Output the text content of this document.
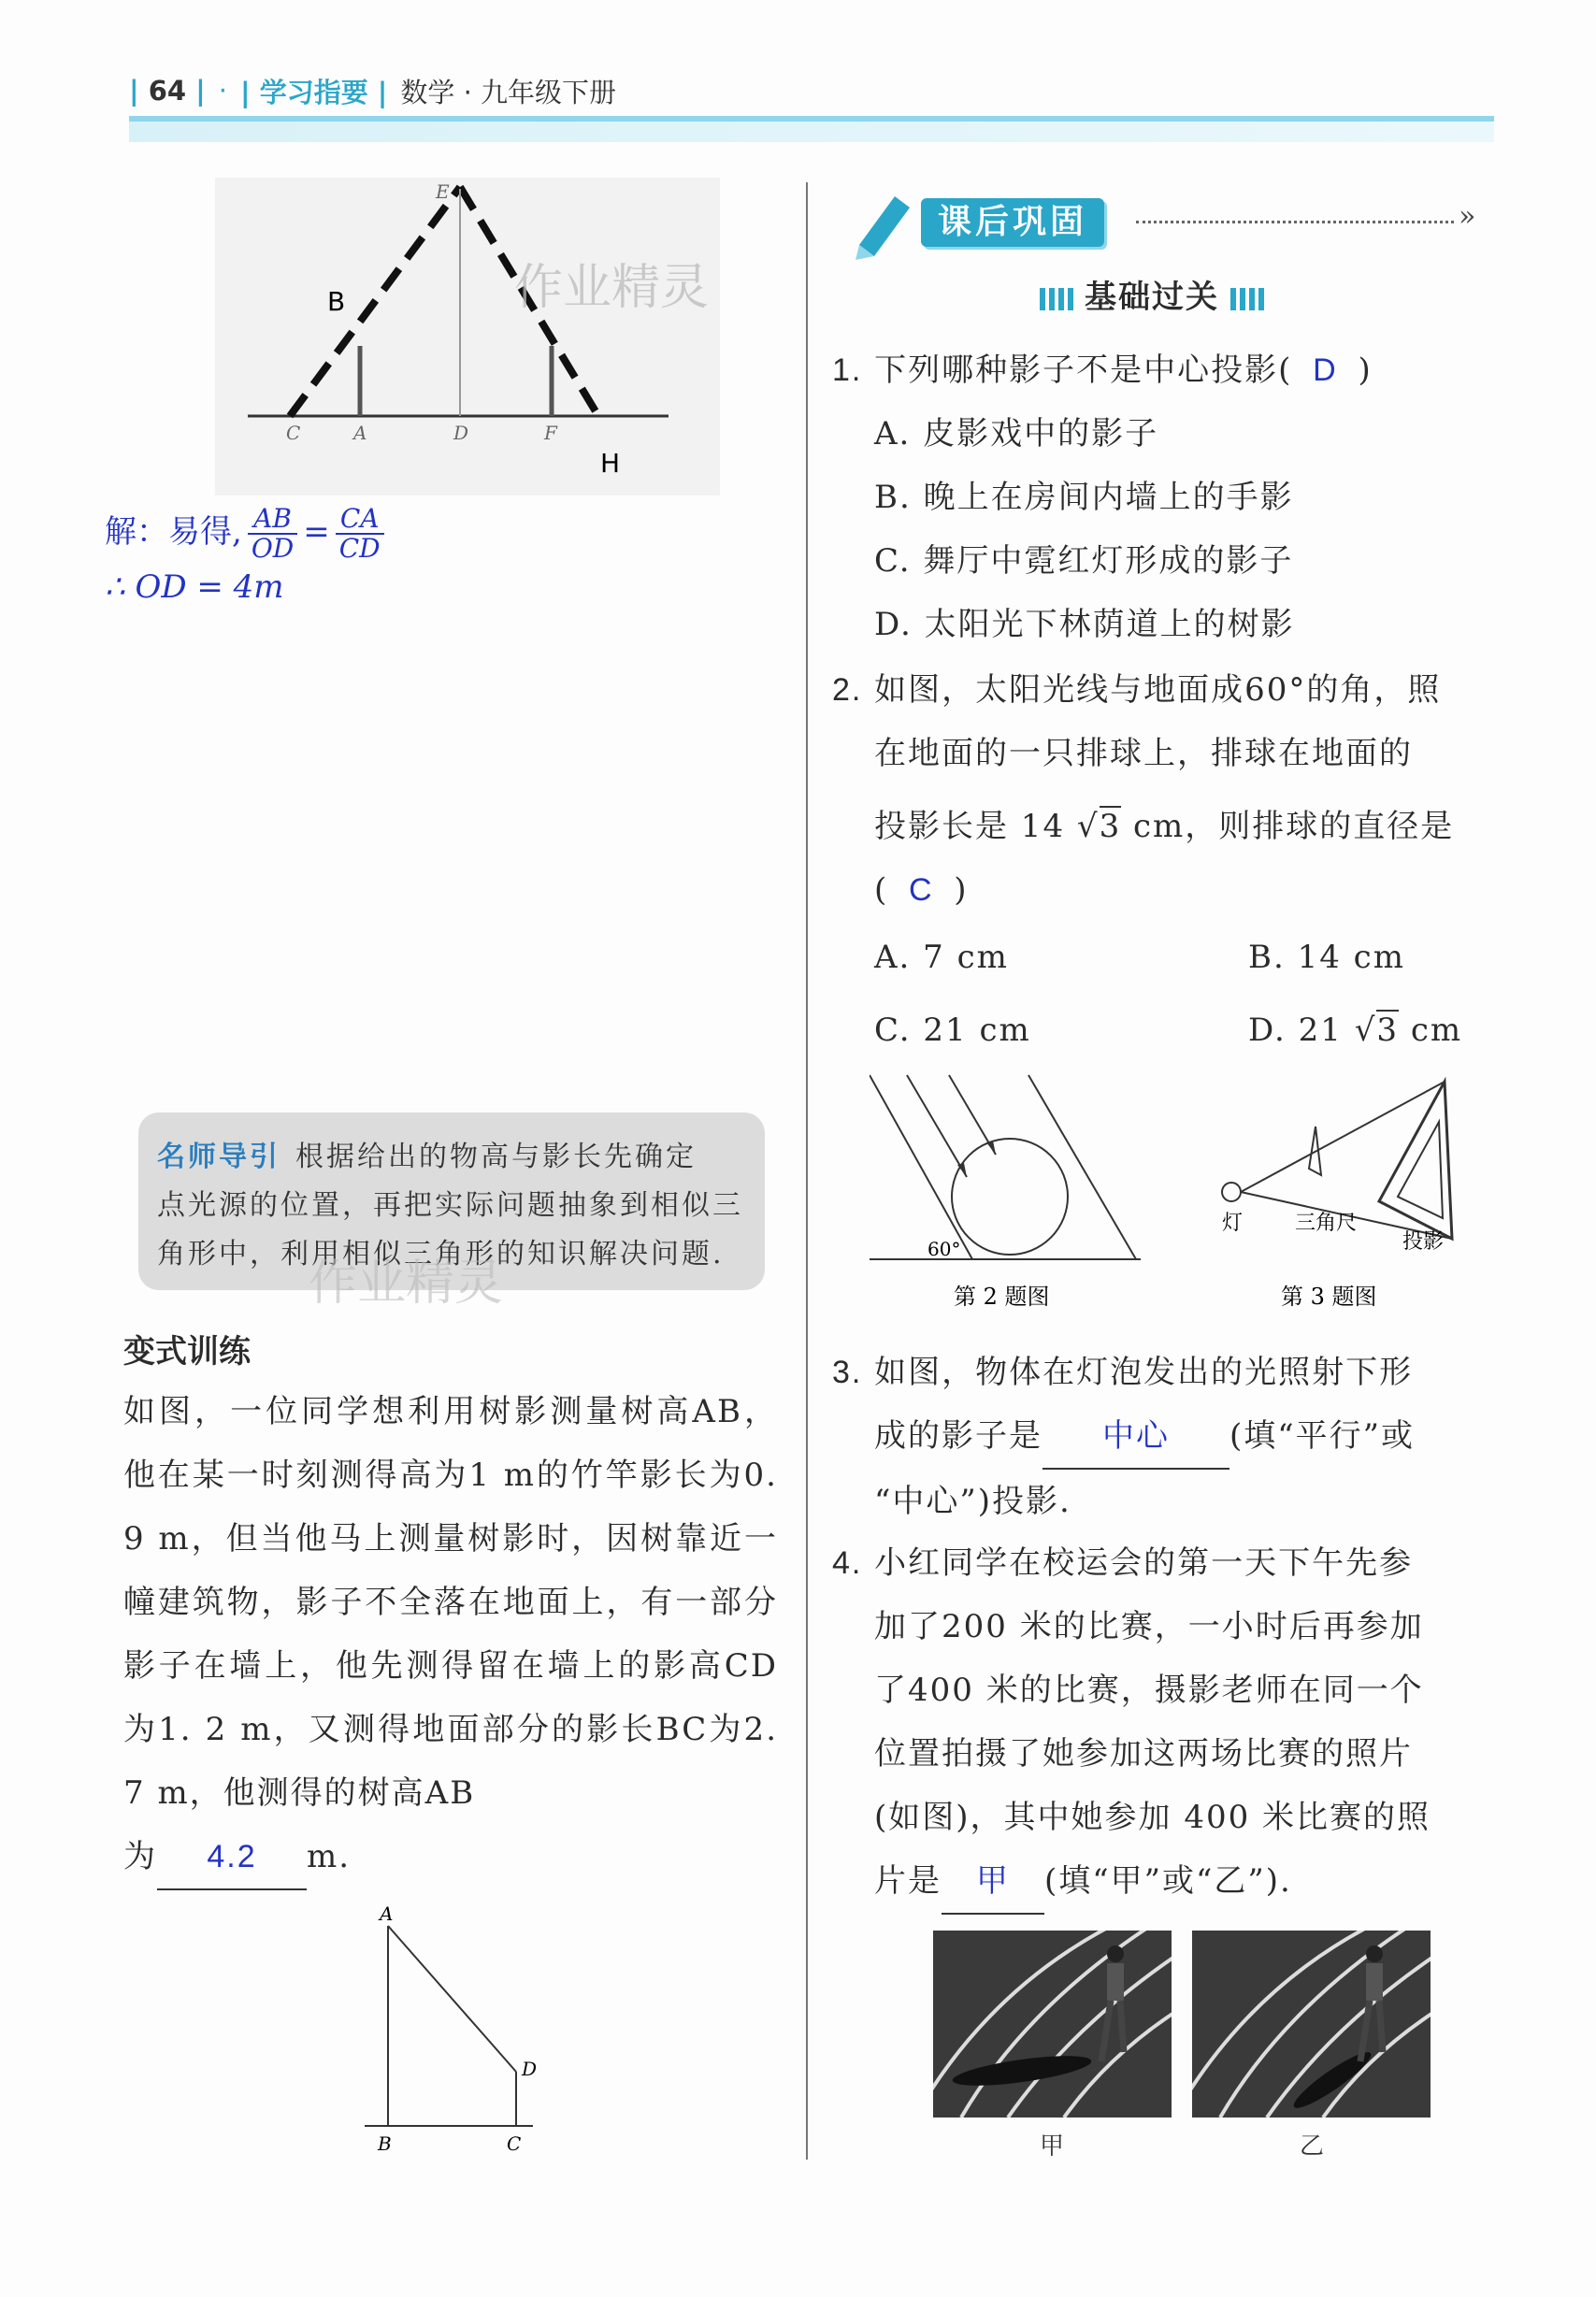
| 64 | · | 学习指要 | 数学 · 九年级下册
B
H
E
C	A	D	F
作业精灵
解：易得, $\frac{AB}{OD} = \frac{CA}{CD}$
∴ OD = 4m
名师导引 根据给出的物高与影长先确定
点光源的位置，再把实际问题抽象到相似三
角形中，利用相似三角形的知识解决问题.
作业精灵
变式训练
如图，一位同学想利用树影测量树高AB，他在某一时刻测得高为1 m的竹竿影长为0. 9 m，但当他马上测量树影时，因树靠近一幢建筑物，影子不全落在地面上，有一部分影子在墙上，他先测得留在墙上的影高CD为1. 2 m，又测得地面部分的影长BC为2. 7 m，他测得的树高AB
为 4.2 m.
A
D
B	C
课后巩固	»
基础过关
1. 下列哪种影子不是中心投影( D )
A. 皮影戏中的影子
B. 晚上在房间内墙上的手影
C. 舞厅中霓红灯形成的影子
D. 太阳光下林荫道上的树影
2. 如图，太阳光线与地面成60°的角，照
在地面的一只排球上，排球在地面的
投影长是 14 √3 cm，则排球的直径是
( C )
A. 7 cm	B. 14 cm
C. 21 cm	D. 21 √3 cm
60°
第 2 题图
灯	三角尺
投影
第 3 题图
3. 如图，物体在灯泡发出的光照射下形
成的影子是 中心 (填“平行”或
“中心”)投影.
4. 小红同学在校运会的第一天下午先参
加了200 米的比赛，一小时后再参加
了400 米的比赛，摄影老师在同一个
位置拍摄了她参加这两场比赛的照片
(如图)，其中她参加 400 米比赛的照
片是 甲 (填“甲”或“乙”).
甲	乙
